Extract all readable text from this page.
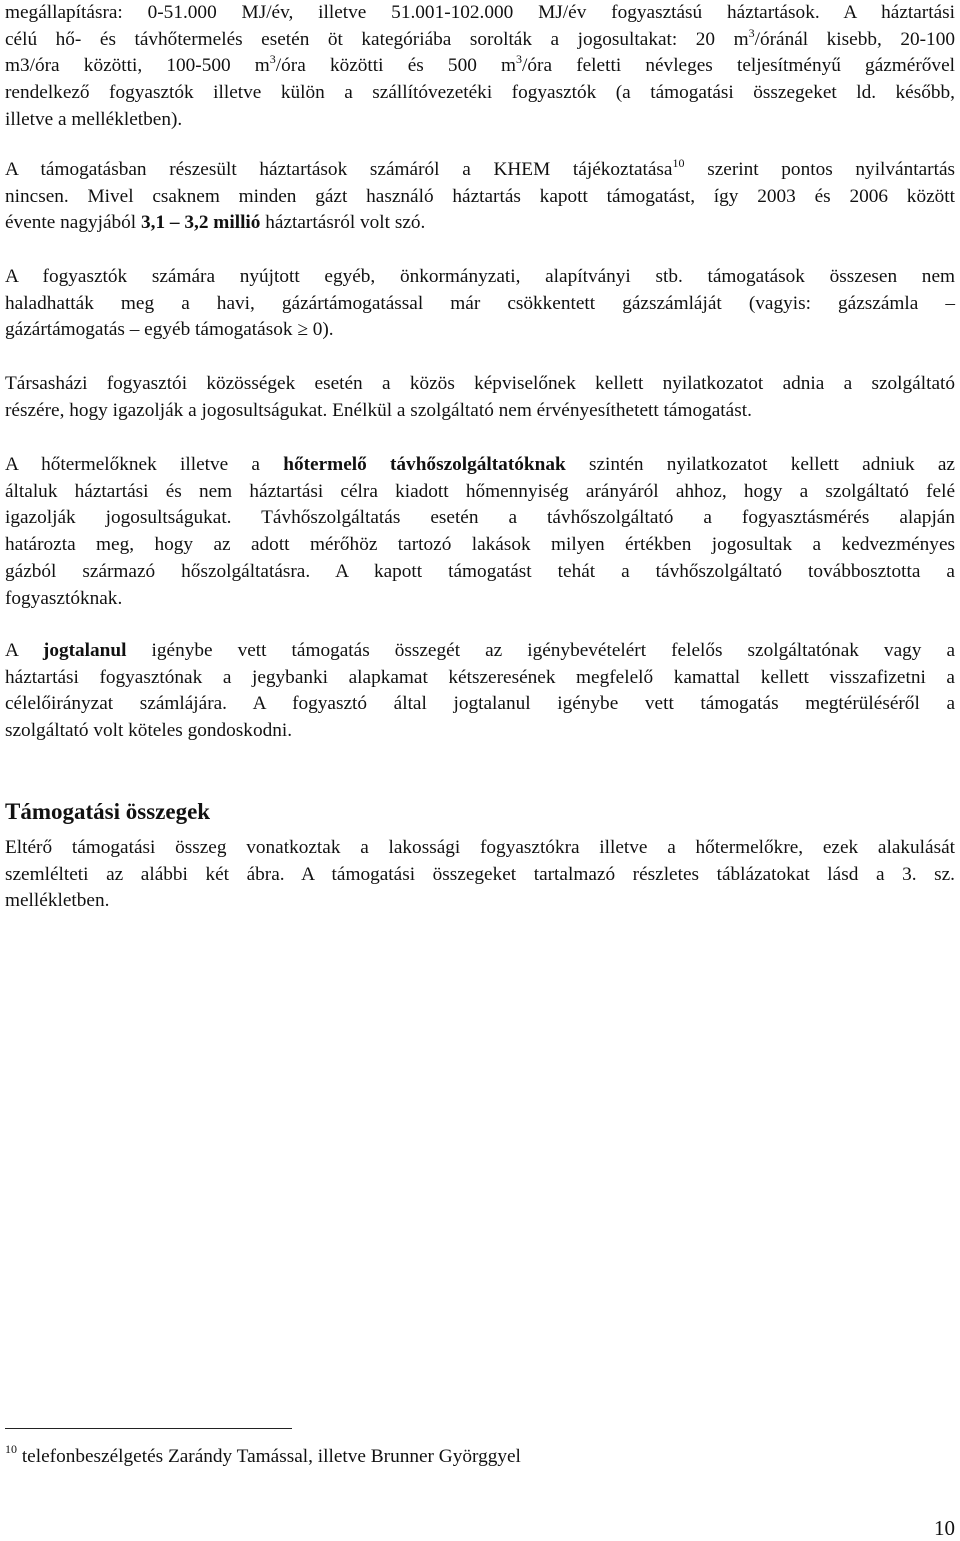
megállapításra: 0-51.000 MJ/év, illetve 51.001-102.000 MJ/év fogyasztású háztartások. A háztartási
célú hő- és távhőtermelés esetén öt kategóriába sorolták a jogosultakat: 20 $m^3$/óránál kisebb, 20-100
m3/óra közötti, 100-500 $m^3$/óra közötti és 500 $m^3$/óra feletti névleges teljesítményű gázmérővel
rendelkező fogyasztók illetve külön a szállítóvezetéki fogyasztók (a támogatási összegeket ld. később,
illetve a mellékletben).

A támogatásban részesült háztartások számáról a KHEM tájékoztatása$^{10}$ szerint pontos nyilvántartás
nincsen. Mivel csaknem minden gázt használó háztartás kapott támogatást, így 2003 és 2006 között
évente nagyjából 3,1 – 3,2 millió háztartásról volt szó.

A fogyasztók számára nyújtott egyéb, önkormányzati, alapítványi stb. támogatások összesen nem
haladhatták meg a havi, gázártámogatással már csökkentett gázszámláját (vagyis: gázszámla –
gázártámogatás – egyéb támogatások ≥ 0).

Társasházi fogyasztói közösségek esetén a közös képviselőnek kellett nyilatkozatot adnia a szolgáltató
részére, hogy igazolják a jogosultságukat. Enélkül a szolgáltató nem érvényesíthetett támogatást.

A hőtermelőknek illetve a hőtermelő távhőszolgáltatóknak szintén nyilatkozatot kellett adniuk az
általuk háztartási és nem háztartási célra kiadott hőmennyiség arányáról ahhoz, hogy a szolgáltató felé
igazolják jogosultságukat. Távhőszolgáltatás esetén a távhőszolgáltató a fogyasztásmérés alapján
határozta meg, hogy az adott mérőhöz tartozó lakások milyen értékben jogosultak a kedvezményes
gázból származó hőszolgáltatásra. A kapott támogatást tehát a távhőszolgáltató továbbosztotta a
fogyasztóknak.

A jogtalanul igénybe vett támogatás összegét az igénybevételért felelős szolgáltatónak vagy a
háztartási fogyasztónak a jegybanki alapkamat kétszeresének megfelelő kamattal kellett visszafizetni a
célelőirányzat számlájára. A fogyasztó által jogtalanul igénybe vett támogatás megtérüléséről a
szolgáltató volt köteles gondoskodni.

Támogatási összegek

Eltérő támogatási összeg vonatkoztak a lakossági fogyasztókra illetve a hőtermelőkre, ezek alakulását
szemlélteti az alábbi két ábra. A támogatási összegeket tartalmazó részletes táblázatokat lásd a 3. sz.
mellékletben.

$^{10}$ telefonbeszélgetés Zarándy Tamással, illetve Brunner Györggyel
10
